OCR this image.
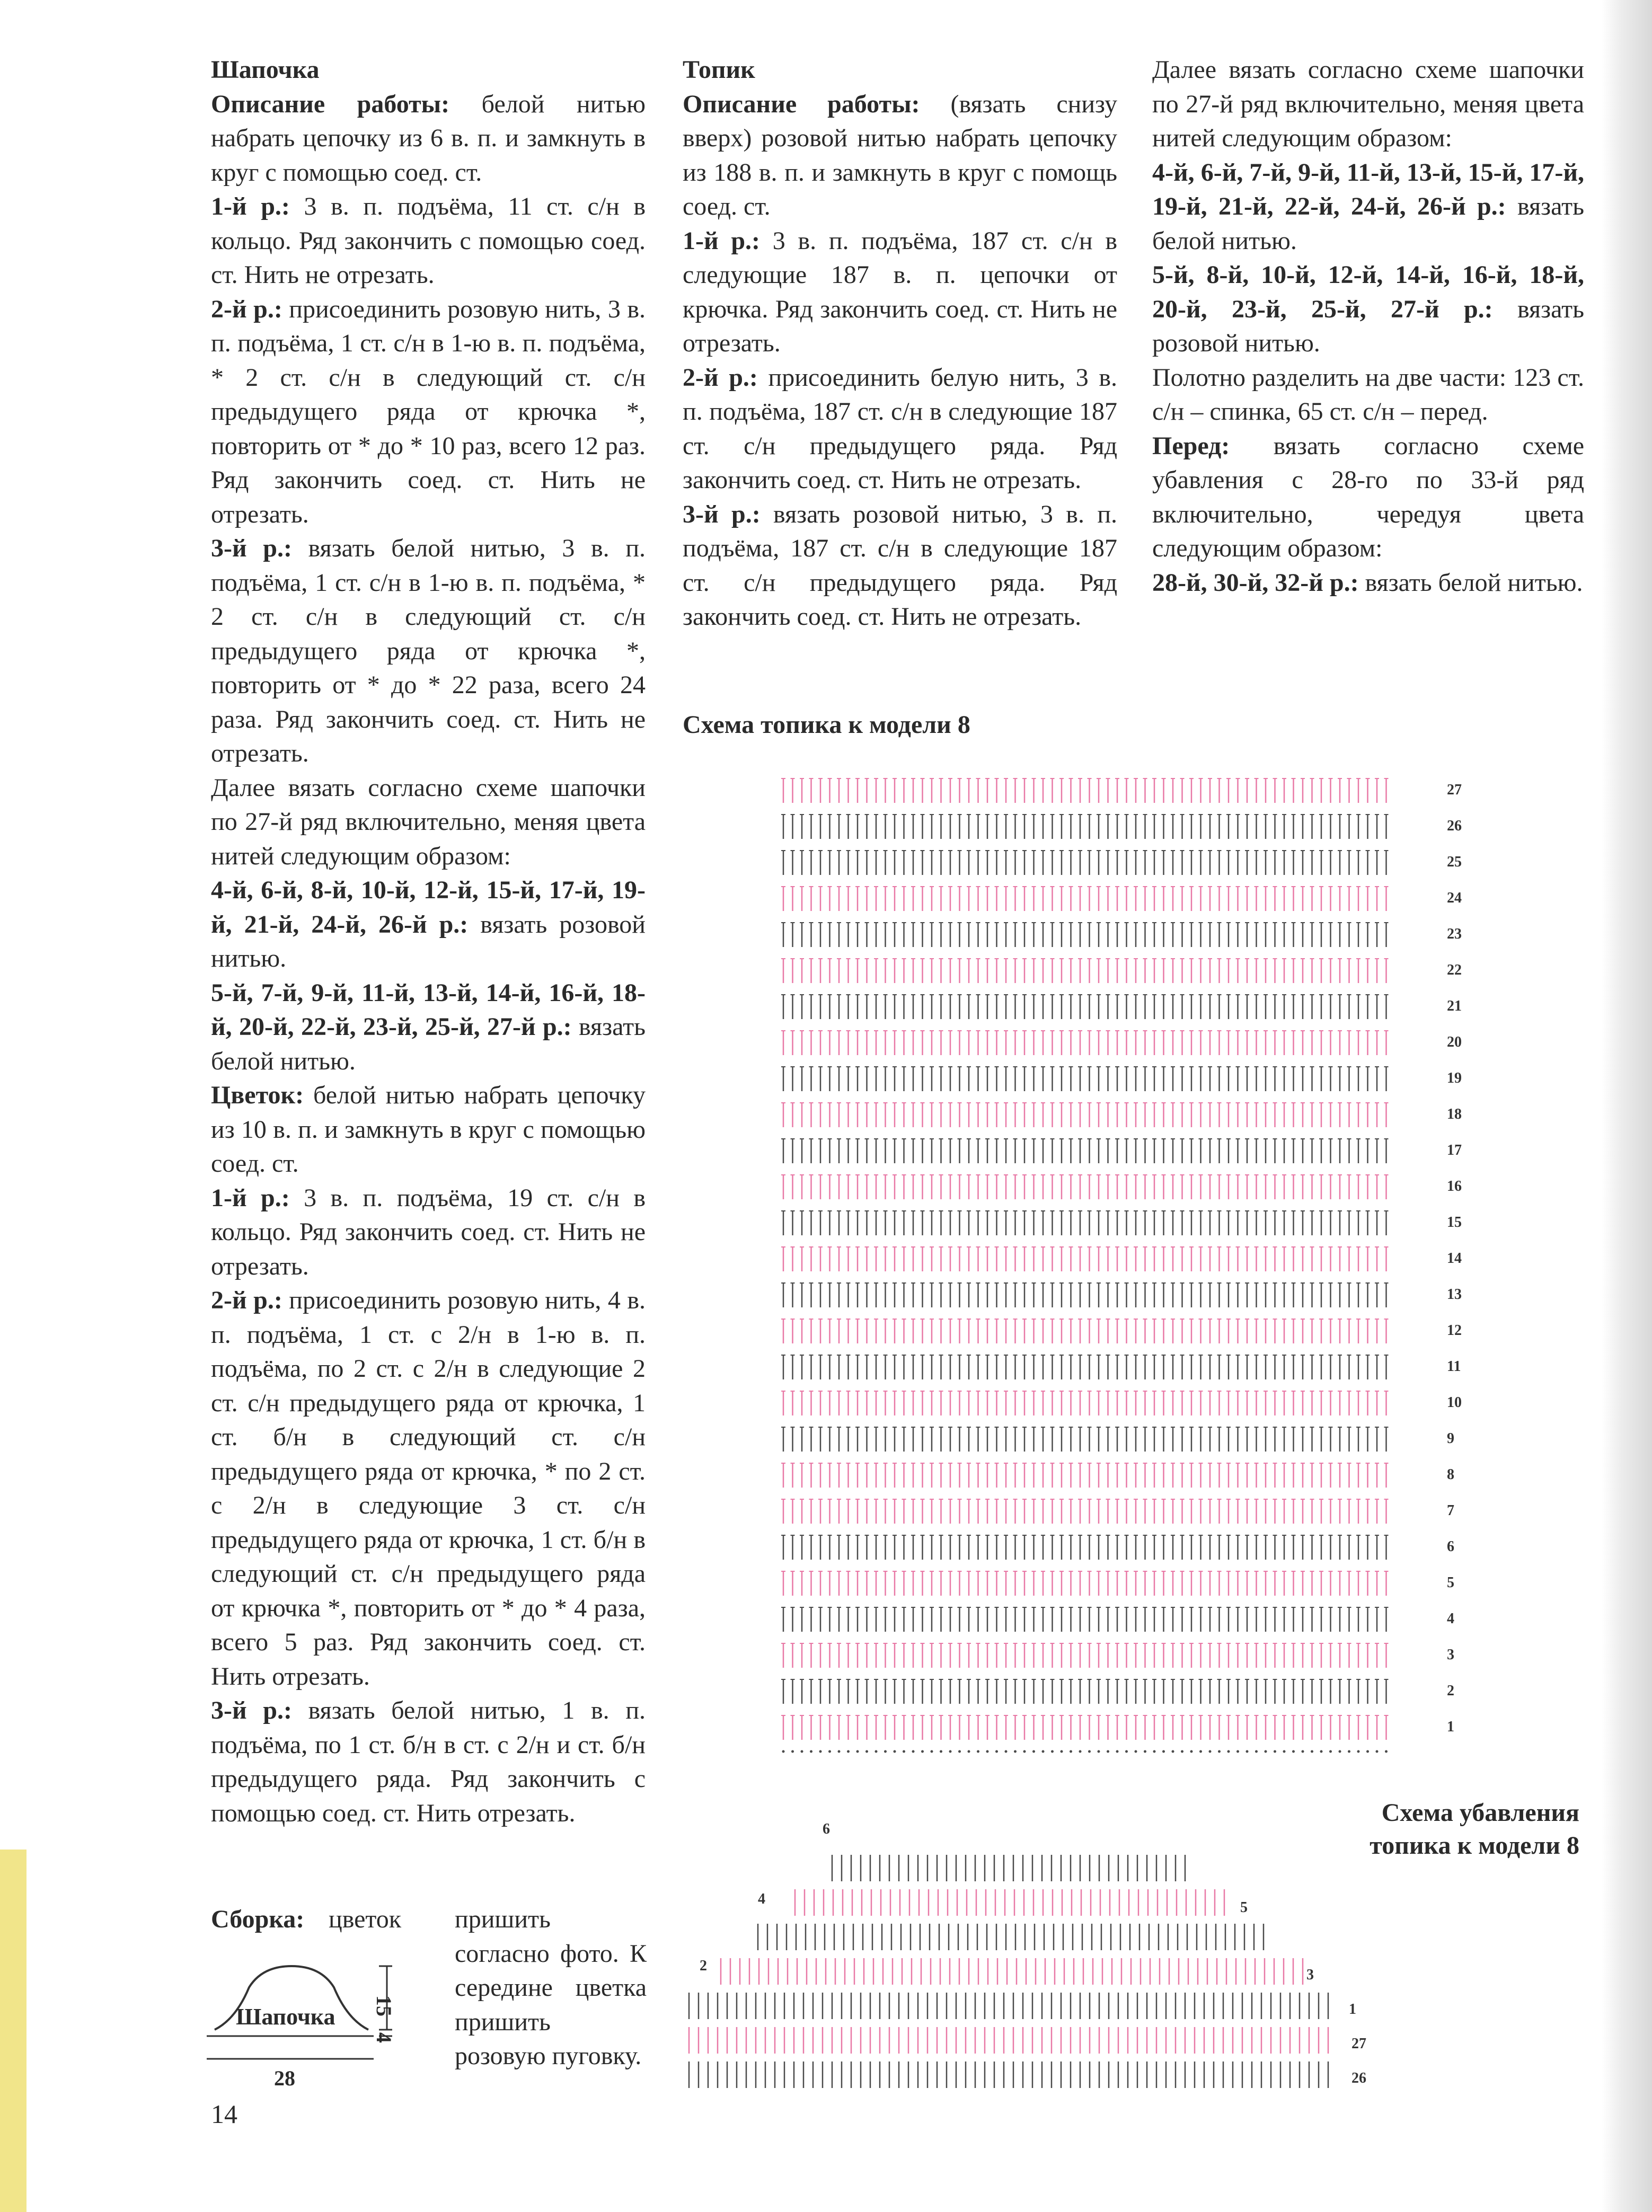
Шапочка

Описание работы: белой нитью набрать цепочку из 6 в. п. и замкнуть в круг с помощью соед. ст.

1-й р.: 3 в. п. подъёма, 11 ст. с/н в кольцо. Ряд закончить с помощью соед. ст. Нить не отрезать.

2-й р.: присоединить розовую нить, 3 в. п. подъёма, 1 ст. с/н в 1-ю в. п. подъёма, * 2 ст. с/н в следующий ст. с/н предыдущего ряда от крючка *, повторить от * до * 10 раз, всего 12 раз. Ряд закончить соед. ст. Нить не отрезать.

3-й р.: вязать белой нитью, 3 в. п. подъёма, 1 ст. с/н в 1-ю в. п. подъёма, * 2 ст. с/н в следующий ст. с/н предыдущего ряда от крючка *, повторить от * до * 22 раза, всего 24 раза. Ряд закончить соед. ст. Нить не отрезать.

Далее вязать согласно схеме шапочки по 27-й ряд включительно, меняя цвета нитей следующим образом:

4-й, 6-й, 8-й, 10-й, 12-й, 15-й, 17-й, 19-й, 21-й, 24-й, 26-й р.: вязать розовой нитью.

5-й, 7-й, 9-й, 11-й, 13-й, 14-й, 16-й, 18-й, 20-й, 22-й, 23-й, 25-й, 27-й р.: вязать белой нитью.

Цветок: белой нитью набрать цепочку из 10 в. п. и замкнуть в круг с помощью соед. ст.

1-й р.: 3 в. п. подъёма, 19 ст. с/н в кольцо. Ряд закончить соед. ст. Нить не отрезать.

2-й р.: присоединить розовую нить, 4 в. п. подъёма, 1 ст. с 2/н в 1-ю в. п. подъёма, по 2 ст. с 2/н в следующие 2 ст. с/н предыдущего ряда от крючка, 1 ст. б/н в следующий ст. с/н предыдущего ряда от крючка, * по 2 ст. с 2/н в следующие 3 ст. с/н предыдущего ряда от крючка, 1 ст. б/н в следующий ст. с/н предыдущего ряда от крючка *, повторить от * до * 4 раза, всего 5 раз. Ряд закончить соед. ст. Нить отрезать.

3-й р.: вязать белой нитью, 1 в. п. подъёма, по 1 ст. б/н в ст. с 2/н и ст. б/н предыдущего ряда. Ряд закончить с помощью соед. ст. Нить отрезать.

Сборка: цветок пришить согласно фото. К середине цветка пришить розовую пуговку.
Шапочка
28
15
4

Топик

Описание работы: (вязать снизу вверх) розовой нитью набрать цепочку из 188 в. п. и замкнуть в круг с помощь соед. ст.

1-й р.: 3 в. п. подъёма, 187 ст. с/н в следующие 187 в. п. цепочки от крючка. Ряд закончить соед. ст. Нить не отрезать.

2-й р.: присоединить белую нить, 3 в. п. подъёма, 187 ст. с/н в следующие 187 ст. с/н предыдущего ряда. Ряд закончить соед. ст. Нить не отрезать.

3-й р.: вязать розовой нитью, 3 в. п. подъёма, 187 ст. с/н в следующие 187 ст. с/н предыдущего ряда. Ряд закончить соед. ст. Нить не отрезать.

Далее вязать согласно схеме шапочки по 27-й ряд включительно, меняя цвета нитей следующим образом:

4-й, 6-й, 7-й, 9-й, 11-й, 13-й, 15-й, 17-й, 19-й, 21-й, 22-й, 24-й, 26-й р.: вязать белой нитью.

5-й, 8-й, 10-й, 12-й, 14-й, 16-й, 18-й, 20-й, 23-й, 25-й, 27-й р.: вязать розовой нитью.

Полотно разделить на две части: 123 ст. с/н – спинка, 65 ст. с/н – перед.

Перед: вязать согласно схеме убавления с 28-го по 33-й ряд включительно, чередуя цвета следующим образом:

28-й, 30-й, 32-й р.: вязать белой нитью.

Схема топика к модели 8
1
2
3
4
5
6
7
8
9
10
11
12
13
14
15
16
17
18
19
20
21
22
23
24
25
26
27
Схема убавления топика к модели 8
26
27
1
3
5
2
4
6
14
